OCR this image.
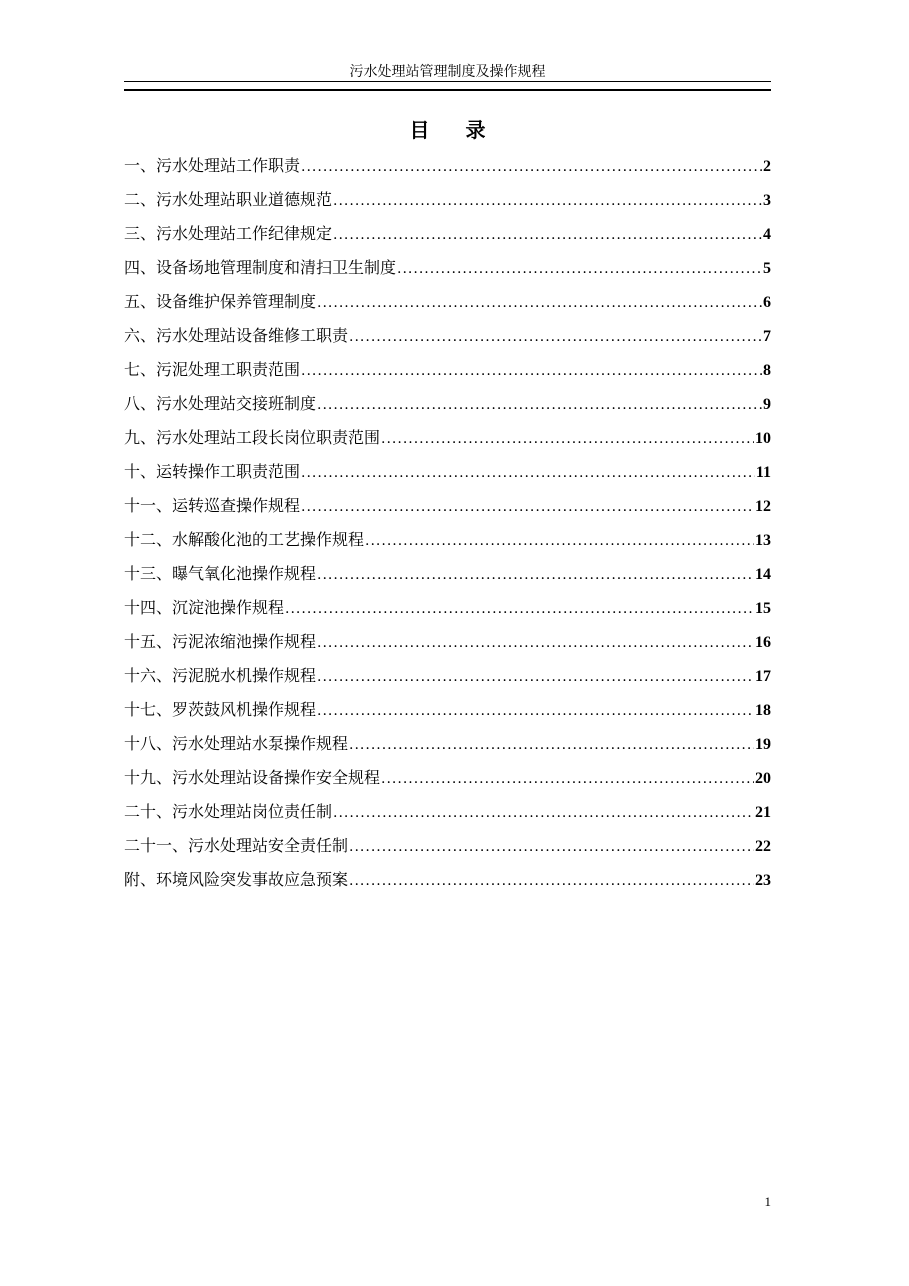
污水处理站管理制度及操作规程
目 录
一、污水处理站工作职责 .....	2
二、污水处理站职业道德规范 .....	3
三、污水处理站工作纪律规定 .....	4
四、设备场地管理制度和清扫卫生制度 .....	5
五、设备维护保养管理制度 .....	6
六、污水处理站设备维修工职责 .....	7
七、污泥处理工职责范围 .....	8
八、污水处理站交接班制度 .....	9
九、污水处理站工段长岗位职责范围 .....	10
十、运转操作工职责范围 .....	11
十一、运转巡查操作规程 .....	12
十二、水解酸化池的工艺操作规程 .....	13
十三、曝气氧化池操作规程 .....	14
十四、沉淀池操作规程 .....	15
十五、污泥浓缩池操作规程 .....	16
十六、污泥脱水机操作规程 .....	17
十七、罗茨鼓风机操作规程 .....	18
十八、污水处理站水泵操作规程 .....	19
十九、污水处理站设备操作安全规程 .....	20
二十、污水处理站岗位责任制 .....	21
二十一、污水处理站安全责任制 .....	22
附、环境风险突发事故应急预案 .....	23
1
